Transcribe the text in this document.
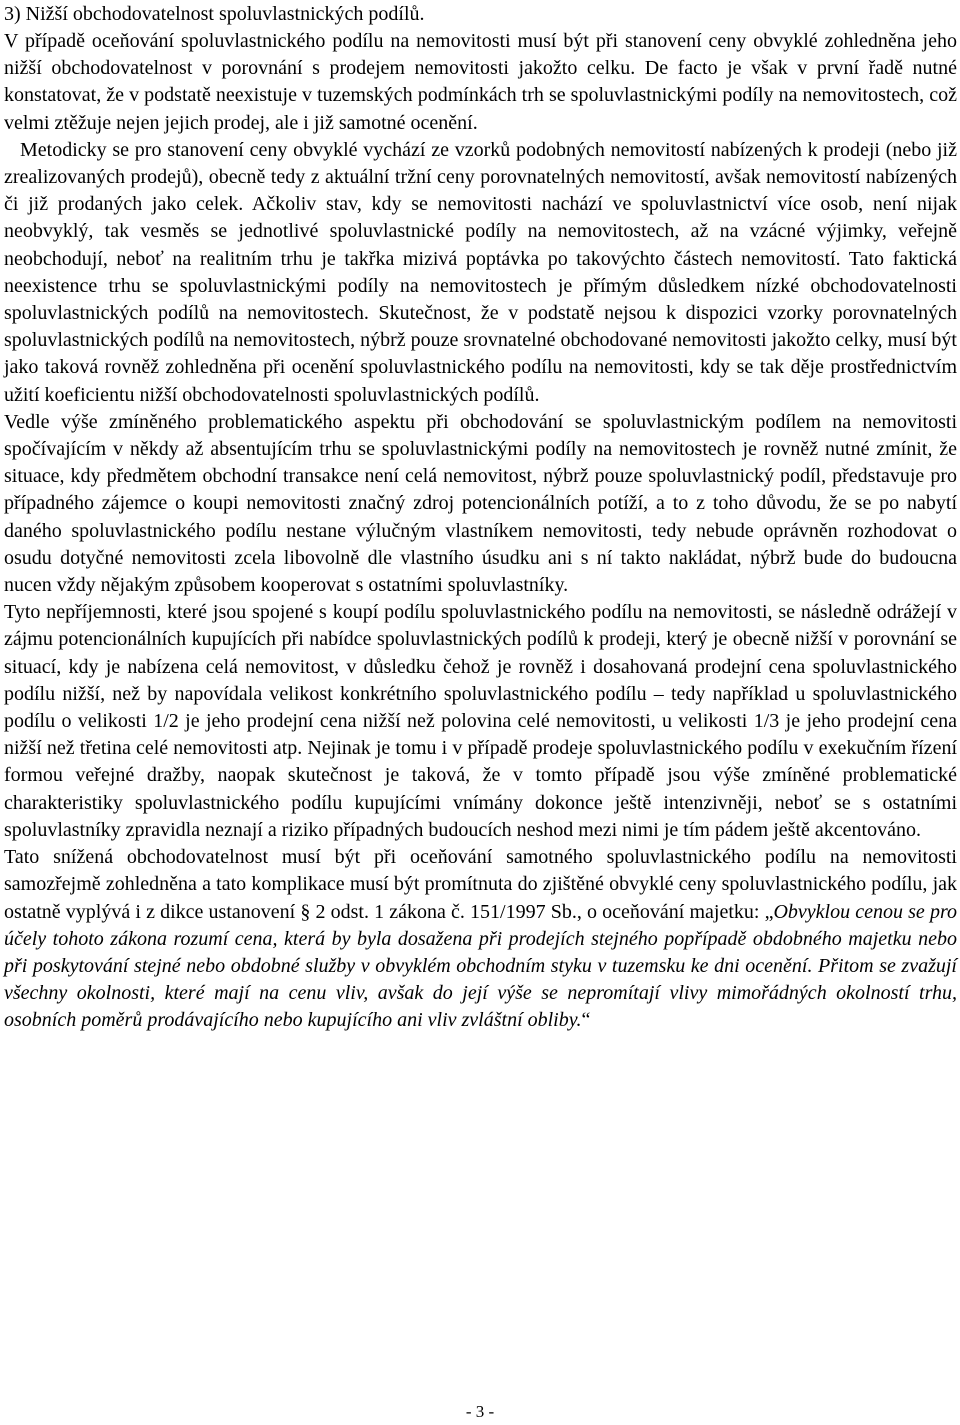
3) Nižší obchodovatelnost spoluvlastnických podílů.

V případě oceňování spoluvlastnického podílu na nemovitosti musí být při stanovení ceny obvyklé zohledněna jeho nižší obchodovatelnost v porovnání s prodejem nemovitosti jakožto celku. De facto je však v první řadě nutné konstatovat, že v podstatě neexistuje v tuzemských podmínkách trh se spoluvlastnickými podíly na nemovitostech, což velmi ztěžuje nejen jejich prodej, ale i již samotné ocenění.

Metodicky se pro stanovení ceny obvyklé vychází ze vzorků podobných nemovitostí nabízených k prodeji (nebo již zrealizovaných prodejů), obecně tedy z aktuální tržní ceny porovnatelných nemovitostí, avšak nemovitostí nabízených či již prodaných jako celek. Ačkoliv stav, kdy se nemovitosti nachází ve spoluvlastnictví více osob, není nijak neobvyklý, tak vesměs se jednotlivé spoluvlastnické podíly na nemovitostech, až na vzácné výjimky, veřejně neobchodují, neboť na realitním trhu je takřka mizivá poptávka po takovýchto částech nemovitostí. Tato faktická neexistence trhu se spoluvlastnickými podíly na nemovitostech je přímým důsledkem nízké obchodovatelnosti spoluvlastnických podílů na nemovitostech. Skutečnost, že v podstatě nejsou k dispozici vzorky porovnatelných spoluvlastnických podílů na nemovitostech, nýbrž pouze srovnatelné obchodované nemovitosti jakožto celky, musí být jako taková rovněž zohledněna při ocenění spoluvlastnického podílu na nemovitosti, kdy se tak děje prostřednictvím užití koeficientu nižší obchodovatelnosti spoluvlastnických podílů.

Vedle výše zmíněného problematického aspektu při obchodování se spoluvlastnickým podílem na nemovitosti spočívajícím v někdy až absentujícím trhu se spoluvlastnickými podíly na nemovitostech je rovněž nutné zmínit, že situace, kdy předmětem obchodní transakce není celá nemovitost, nýbrž pouze spoluvlastnický podíl, představuje pro případného zájemce o koupi nemovitosti značný zdroj potencionálních potíží, a to z toho důvodu, že se po nabytí daného spoluvlastnického podílu nestane výlučným vlastníkem nemovitosti, tedy nebude oprávněn rozhodovat o osudu dotyčné nemovitosti zcela libovolně dle vlastního úsudku ani s ní takto nakládat, nýbrž bude do budoucna nucen vždy nějakým způsobem kooperovat s ostatními spoluvlastníky.

Tyto nepříjemnosti, které jsou spojené s koupí podílu spoluvlastnického podílu na nemovitosti, se následně odrážejí v zájmu potencionálních kupujících při nabídce spoluvlastnických podílů k prodeji, který je obecně nižší v porovnání se situací, kdy je nabízena celá nemovitost, v důsledku čehož je rovněž i dosahovaná prodejní cena spoluvlastnického podílu nižší, než by napovídala velikost konkrétního spoluvlastnického podílu – tedy například u spoluvlastnického podílu o velikosti 1/2 je jeho prodejní cena nižší než polovina celé nemovitosti, u velikosti 1/3 je jeho prodejní cena nižší než třetina celé nemovitosti atp. Nejinak je tomu i v případě prodeje spoluvlastnického podílu v exekučním řízení formou veřejné dražby, naopak skutečnost je taková, že v tomto případě jsou výše zmíněné problematické charakteristiky spoluvlastnického podílu kupujícími vnímány dokonce ještě intenzivněji, neboť se s ostatními spoluvlastníky zpravidla neznají a riziko případných budoucích neshod mezi nimi je tím pádem ještě akcentováno.

Tato snížená obchodovatelnost musí být při oceňování samotného spoluvlastnického podílu na nemovitosti samozřejmě zohledněna a tato komplikace musí být promítnuta do zjištěné obvyklé ceny spoluvlastnického podílu, jak ostatně vyplývá i z dikce ustanovení § 2 odst. 1 zákona č. 151/1997 Sb., o oceňování majetku: „Obvyklou cenou se pro účely tohoto zákona rozumí cena, která by byla dosažena při prodejích stejného popřípadě obdobného majetku nebo při poskytování stejné nebo obdobné služby v obvyklém obchodním styku v tuzemsku ke dni ocenění. Přitom se zvažují všechny okolnosti, které mají na cenu vliv, avšak do její výše se nepromítají vlivy mimořádných okolností trhu, osobních poměrů prodávajícího nebo kupujícího ani vliv zvláštní obliby.“

- 3 -
